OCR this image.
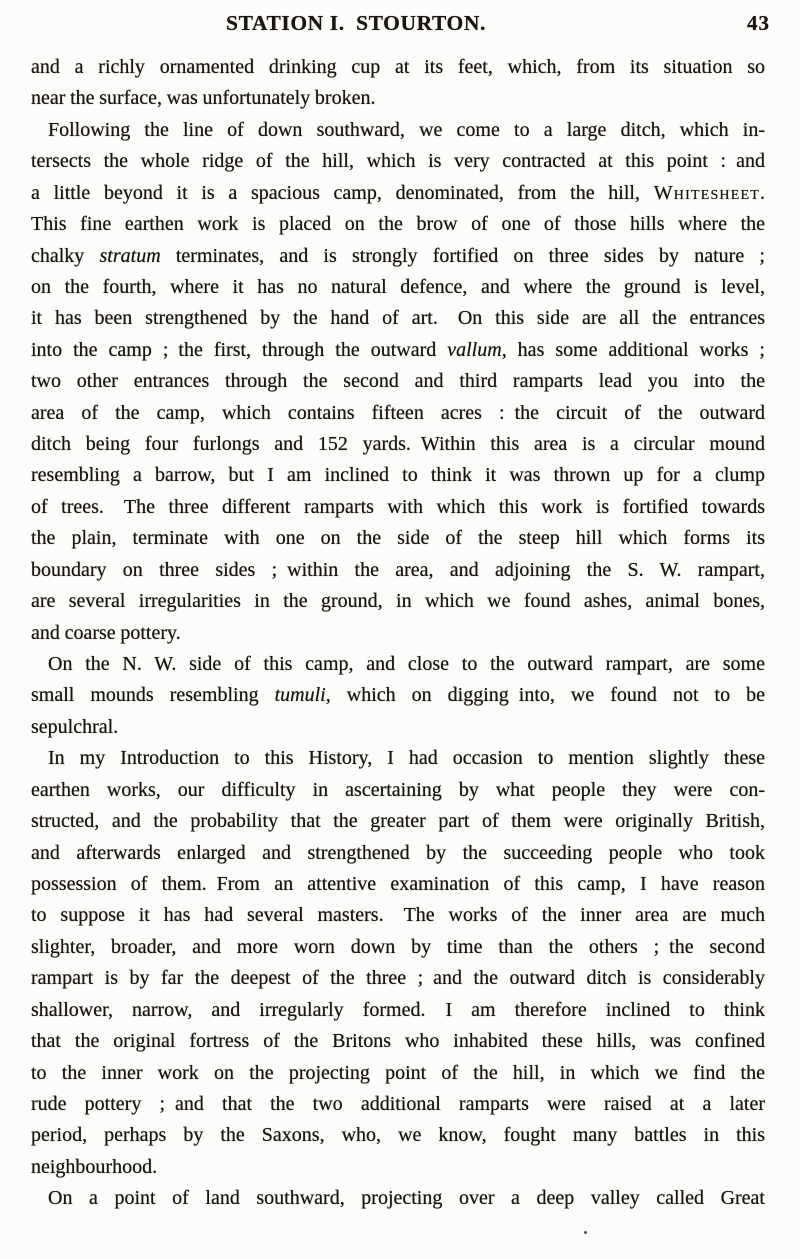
STATION I. STOURTON.	43
and a richly ornamented drinking cup at its feet, which, from its situation so
near the surface, was unfortunately broken.
Following the line of down southward, we come to a large ditch, which in-
tersects the whole ridge of the hill, which is very contracted at this point : and
a little beyond it is a spacious camp, denominated, from the hill, Whitesheet.
This fine earthen work is placed on the brow of one of those hills where the
chalky stratum terminates, and is strongly fortified on three sides by nature ;
on the fourth, where it has no natural defence, and where the ground is level,
it has been strengthened by the hand of art. On this side are all the entrances
into the camp ; the first, through the outward vallum, has some additional works ;
two other entrances through the second and third ramparts lead you into the
area of the camp, which contains fifteen acres : the circuit of the outward
ditch being four furlongs and 152 yards. Within this area is a circular mound
resembling a barrow, but I am inclined to think it was thrown up for a clump
of trees. The three different ramparts with which this work is fortified towards
the plain, terminate with one on the side of the steep hill which forms its
boundary on three sides ; within the area, and adjoining the S. W. rampart,
are several irregularities in the ground, in which we found ashes, animal bones,
and coarse pottery.
On the N. W. side of this camp, and close to the outward rampart, are some
small mounds resembling tumuli, which on digging into, we found not to be
sepulchral.
In my Introduction to this History, I had occasion to mention slightly these
earthen works, our difficulty in ascertaining by what people they were con-
structed, and the probability that the greater part of them were originally British,
and afterwards enlarged and strengthened by the succeeding people who took
possession of them. From an attentive examination of this camp, I have reason
to suppose it has had several masters. The works of the inner area are much
slighter, broader, and more worn down by time than the others ; the second
rampart is by far the deepest of the three ; and the outward ditch is considerably
shallower, narrow, and irregularly formed. I am therefore inclined to think
that the original fortress of the Britons who inhabited these hills, was confined
to the inner work on the projecting point of the hill, in which we find the
rude pottery ; and that the two additional ramparts were raised at a later
period, perhaps by the Saxons, who, we know, fought many battles in this
neighbourhood.
On a point of land southward, projecting over a deep valley called Great
